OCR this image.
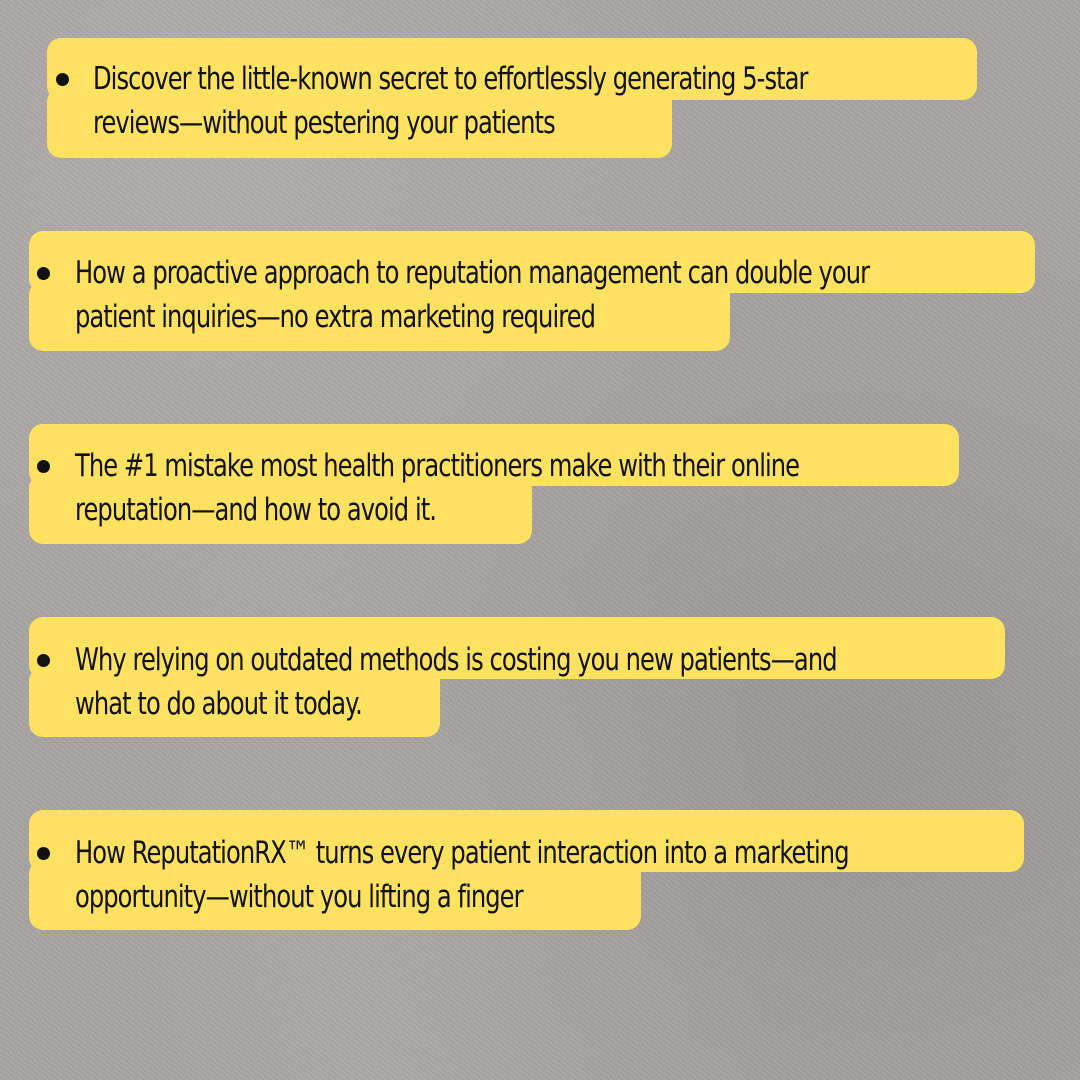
Discover the little-known secret to effortlessly generating 5-star
reviews—without pestering your patients
How a proactive approach to reputation management can double your
patient inquiries—no extra marketing required
The #1 mistake most health practitioners make with their online
reputation—and how to avoid it.
Why relying on outdated methods is costing you new patients—and
what to do about it today.
How ReputationRX™ turns every patient interaction into a marketing
opportunity—without you lifting a finger
